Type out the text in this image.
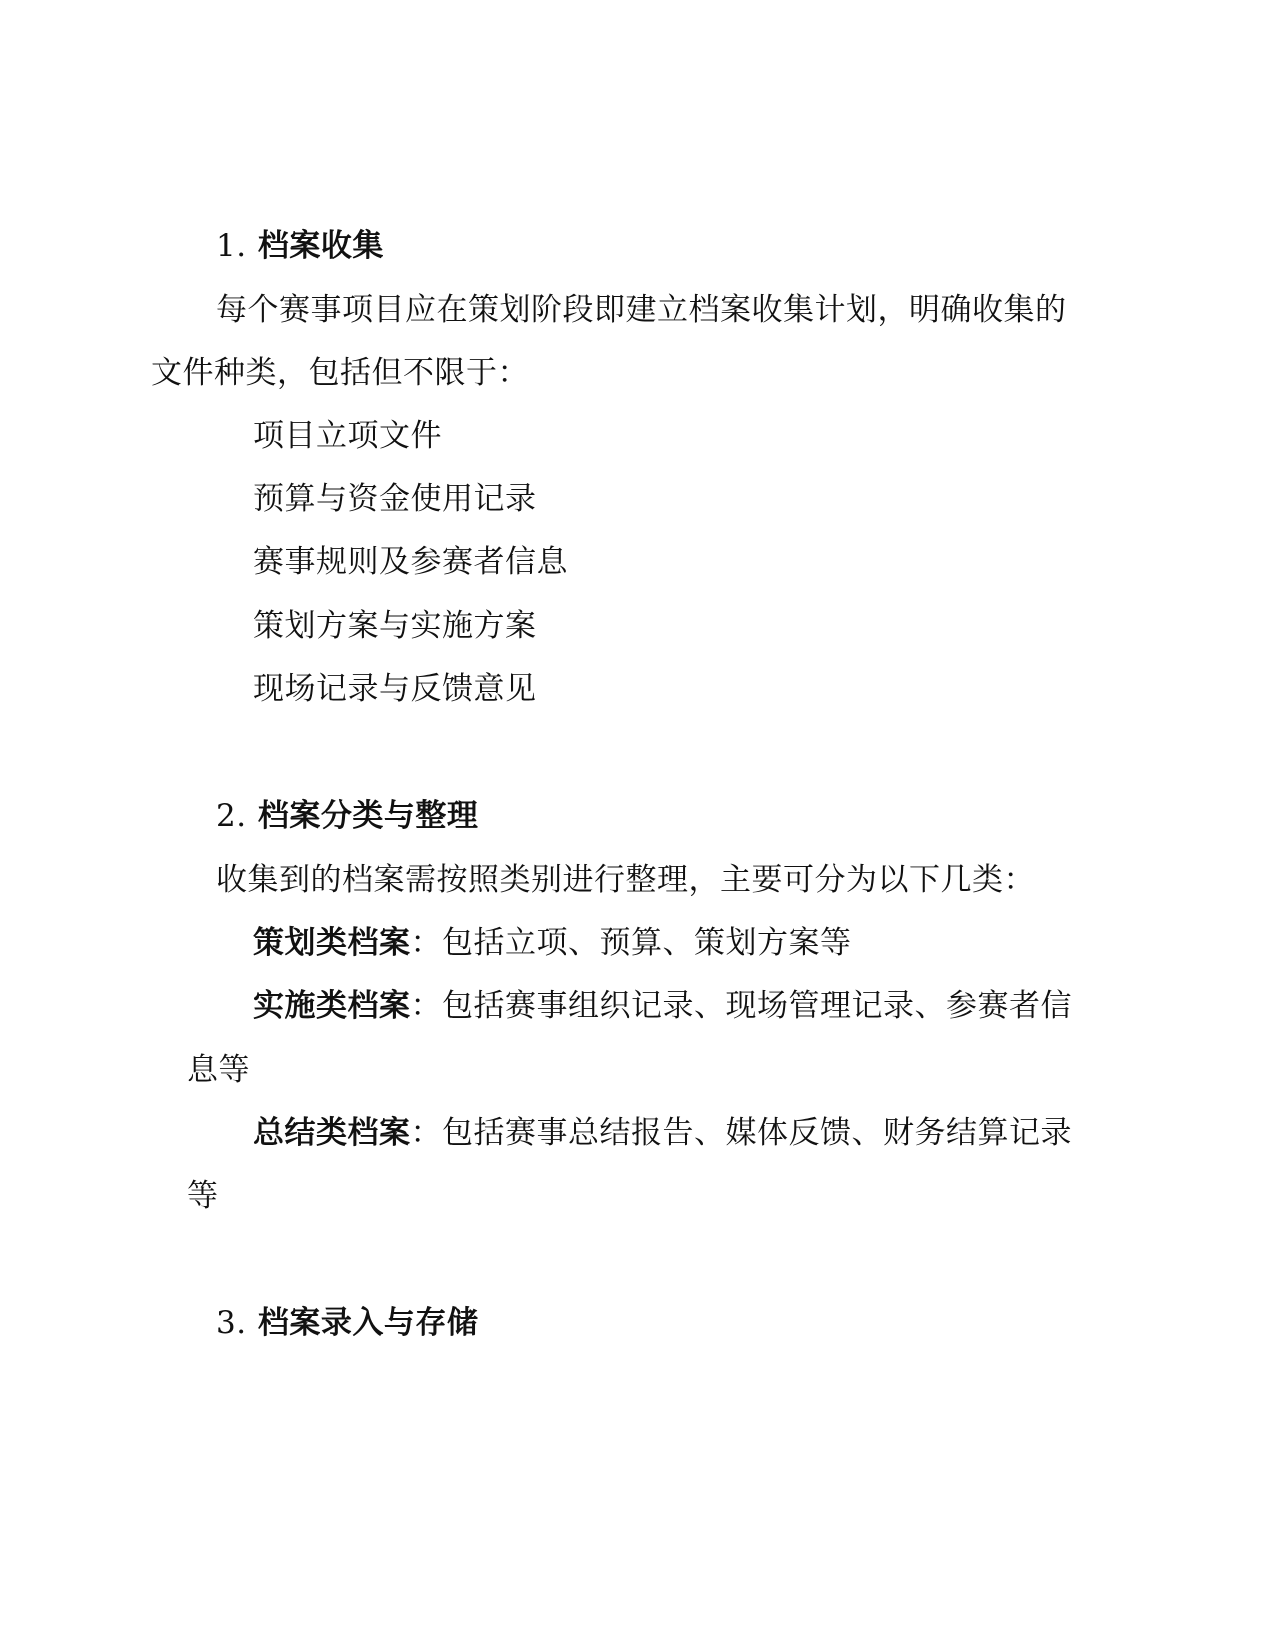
1. 档案收集
每个赛事项目应在策划阶段即建立档案收集计划，明确收集的
文件种类，包括但不限于：
项目立项文件
预算与资金使用记录
赛事规则及参赛者信息
策划方案与实施方案
现场记录与反馈意见
2. 档案分类与整理
收集到的档案需按照类别进行整理，主要可分为以下几类：
策划类档案：包括立项、预算、策划方案等
实施类档案：包括赛事组织记录、现场管理记录、参赛者信
息等
总结类档案：包括赛事总结报告、媒体反馈、财务结算记录
等
3. 档案录入与存储
